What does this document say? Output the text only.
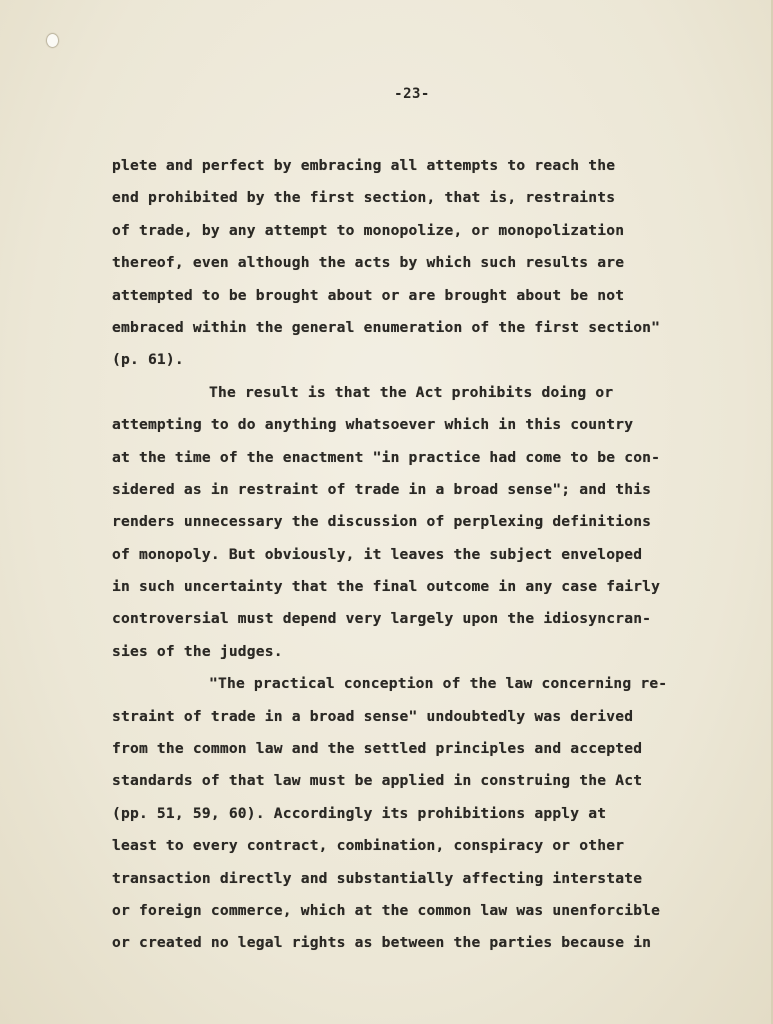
-23-
plete and perfect by embracing all attempts to reach the
end prohibited by the first section, that is, restraints
of trade, by any attempt to monopolize, or monopolization
thereof, even although the acts by which such results are
attempted to be brought about or are brought about be not
embraced within the general enumeration of the first section"
(p. 61).
The result is that the Act prohibits doing or
attempting to do anything whatsoever which in this country
at the time of the enactment "in practice had come to be con-
sidered as in restraint of trade in a broad sense"; and this
renders unnecessary the discussion of perplexing definitions
of monopoly. But obviously, it leaves the subject enveloped
in such uncertainty that the final outcome in any case fairly
controversial must depend very largely upon the idiosyncran-
sies of the judges.
"The practical conception of the law concerning re-
straint of trade in a broad sense" undoubtedly was derived
from the common law and the settled principles and accepted
standards of that law must be applied in construing the Act
(pp. 51, 59, 60). Accordingly its prohibitions apply at
least to every contract, combination, conspiracy or other
transaction directly and substantially affecting interstate
or foreign commerce, which at the common law was unenforcible
or created no legal rights as between the parties because in
